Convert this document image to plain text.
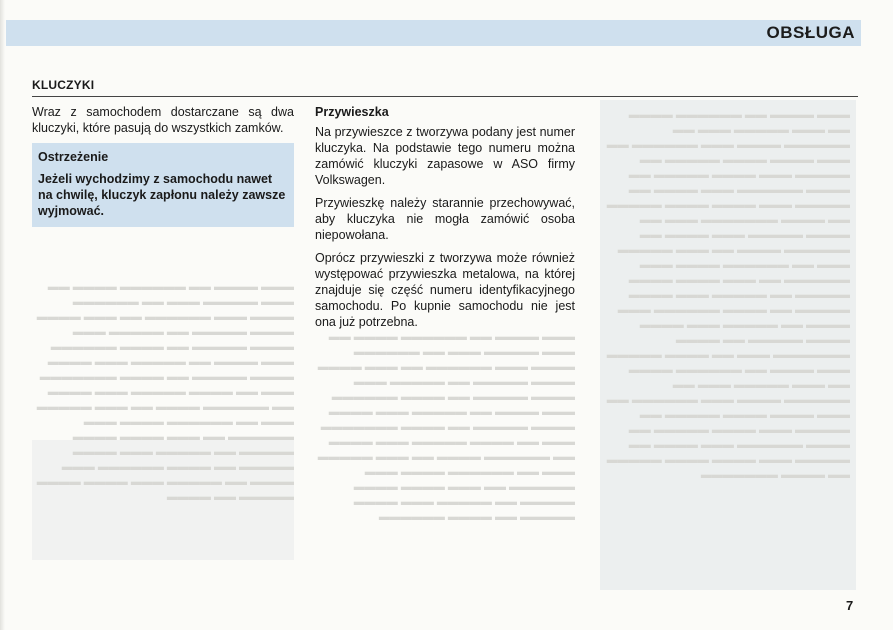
▬▬▬ ▬▬▬▬ ▬▬ ▬▬▬▬▬▬ ▬▬▬▬ ▬▬ ▬▬▬ ▬▬▬▬▬ ▬▬▬ ▬▬ ▬▬▬▬▬▬ ▬▬▬▬ ▬▬▬ ▬▬▬▬▬▬ ▬▬ ▬▬▬ ▬▬▬▬ ▬▬▬▬ ▬▬▬▬▬ ▬▬ ▬▬▬▬▬ ▬▬▬ ▬▬▬▬ ▬▬▬▬▬ ▬▬ ▬▬▬▬ ▬▬▬▬▬▬ ▬▬▬ ▬▬▬▬ ▬▬ ▬▬▬▬▬ ▬▬▬ ▬▬▬▬ ▬▬▬▬ ▬▬▬▬▬ ▬▬ ▬▬▬▬ ▬▬▬▬▬▬▬ ▬▬▬ ▬▬ ▬▬▬▬ ▬▬▬▬▬ ▬▬▬ ▬▬▬▬ ▬▬ ▬▬▬▬▬▬ ▬▬▬▬ ▬▬ ▬▬▬ ▬▬▬▬▬ ▬▬▬ ▬▬ ▬▬▬▬▬▬ ▬▬▬▬ ▬▬▬ ▬▬▬▬▬▬ ▬▬ ▬▬▬ ▬▬▬▬ ▬▬▬▬ ▬▬▬▬▬ ▬▬ ▬▬▬▬▬ ▬▬▬ ▬▬▬▬ ▬▬▬▬▬ ▬▬ ▬▬▬▬ ▬▬▬▬▬▬ ▬▬▬ ▬▬▬▬ ▬▬ ▬▬▬▬▬ ▬▬▬ ▬▬▬▬ ▬▬▬▬ ▬▬▬▬▬ ▬▬ ▬▬▬▬ ▬▬▬▬▬▬▬ ▬▬▬ ▬▬ ▬▬▬▬ ▬▬▬▬▬ ▬▬▬ ▬▬▬▬ ▬▬ ▬▬▬▬▬▬ ▬▬▬▬ ▬▬ ▬▬▬ ▬▬▬▬▬ ▬▬▬ ▬▬ ▬▬▬▬▬▬ ▬▬▬▬ ▬▬▬ ▬▬▬▬▬▬ ▬▬ ▬▬▬ ▬▬▬▬ ▬▬▬▬ ▬▬▬▬▬ ▬▬ ▬▬▬▬▬ ▬▬▬ ▬▬▬▬ ▬▬▬▬▬ ▬▬ ▬▬▬▬ ▬▬▬▬▬▬ ▬▬▬ ▬▬▬▬ ▬▬ ▬▬▬▬▬ ▬▬▬ ▬▬▬▬ ▬▬▬▬ ▬▬▬▬▬ ▬▬ ▬▬▬▬ ▬▬▬▬▬▬▬
▬▬▬ ▬▬▬▬ ▬▬ ▬▬▬▬▬▬ ▬▬▬▬ ▬▬ ▬▬▬ ▬▬▬▬▬ ▬▬▬ ▬▬ ▬▬▬▬▬▬ ▬▬▬▬ ▬▬▬ ▬▬▬▬▬▬ ▬▬ ▬▬▬ ▬▬▬▬ ▬▬▬▬ ▬▬▬▬▬ ▬▬ ▬▬▬▬▬ ▬▬▬ ▬▬▬▬ ▬▬▬▬▬ ▬▬ ▬▬▬▬ ▬▬▬▬▬▬ ▬▬▬ ▬▬▬▬ ▬▬ ▬▬▬▬▬ ▬▬▬ ▬▬▬▬ ▬▬▬▬ ▬▬▬▬▬ ▬▬ ▬▬▬▬ ▬▬▬▬▬▬▬ ▬▬▬ ▬▬ ▬▬▬▬ ▬▬▬▬▬ ▬▬▬ ▬▬▬▬ ▬▬ ▬▬▬▬▬▬ ▬▬▬▬ ▬▬ ▬▬▬ ▬▬▬▬▬ ▬▬▬ ▬▬ ▬▬▬▬▬▬ ▬▬▬▬ ▬▬▬ ▬▬▬▬▬▬ ▬▬ ▬▬▬ ▬▬▬▬ ▬▬▬▬ ▬▬▬▬▬ ▬▬ ▬▬▬▬▬ ▬▬▬ ▬▬▬▬ ▬▬▬▬▬ ▬▬ ▬▬▬▬ ▬▬▬▬▬▬
▬▬▬ ▬▬▬▬ ▬▬ ▬▬▬▬▬▬ ▬▬▬▬ ▬▬ ▬▬▬ ▬▬▬▬▬ ▬▬▬ ▬▬ ▬▬▬▬▬▬ ▬▬▬▬ ▬▬▬ ▬▬▬▬▬▬ ▬▬ ▬▬▬ ▬▬▬▬ ▬▬▬▬ ▬▬▬▬▬ ▬▬ ▬▬▬▬▬ ▬▬▬ ▬▬▬▬ ▬▬▬▬▬ ▬▬ ▬▬▬▬ ▬▬▬▬▬▬ ▬▬▬ ▬▬▬▬ ▬▬ ▬▬▬▬▬ ▬▬▬ ▬▬▬▬ ▬▬▬▬ ▬▬▬▬▬ ▬▬ ▬▬▬▬ ▬▬▬▬▬▬▬ ▬▬▬ ▬▬ ▬▬▬▬ ▬▬▬▬▬ ▬▬▬ ▬▬▬▬ ▬▬ ▬▬▬▬▬▬ ▬▬▬▬ ▬▬ ▬▬▬ ▬▬▬▬▬ ▬▬▬ ▬▬ ▬▬▬▬▬▬ ▬▬▬▬ ▬▬▬ ▬▬▬▬▬▬ ▬▬ ▬▬▬ ▬▬▬▬ ▬▬▬▬ ▬▬▬▬▬ ▬▬ ▬▬▬▬▬ ▬▬▬ ▬▬▬▬ ▬▬▬▬▬ ▬▬ ▬▬▬▬ ▬▬▬▬▬▬ ▬▬▬ ▬▬▬▬ ▬▬ ▬▬▬▬▬ ▬▬▬ ▬▬▬▬ ▬▬▬▬ ▬▬▬▬▬ ▬▬ ▬▬▬▬
OBSŁUGA
KLUCZYKI

Wraz z samochodem dostarczane są dwa kluczyki, które pasują do wszystkich zamków.

Ostrzeżenie
Jeżeli wychodzimy z samochodu nawet na chwilę, kluczyk zapłonu należy zawsze wyjmować.
Przywieszka

Na przywieszce z tworzywa podany jest numer kluczyka. Na podstawie tego numeru można zamówić kluczyki zapasowe w ASO firmy Volkswagen.

Przywieszkę należy starannie przechowywać, aby kluczyka nie mogła zamówić osoba niepowołana.

Oprócz przywieszki z tworzywa może również występować przywieszka metalowa, na której znajduje się część numeru identyfikacyjnego samochodu. Po kupnie samochodu nie jest ona już potrzebna.

7
